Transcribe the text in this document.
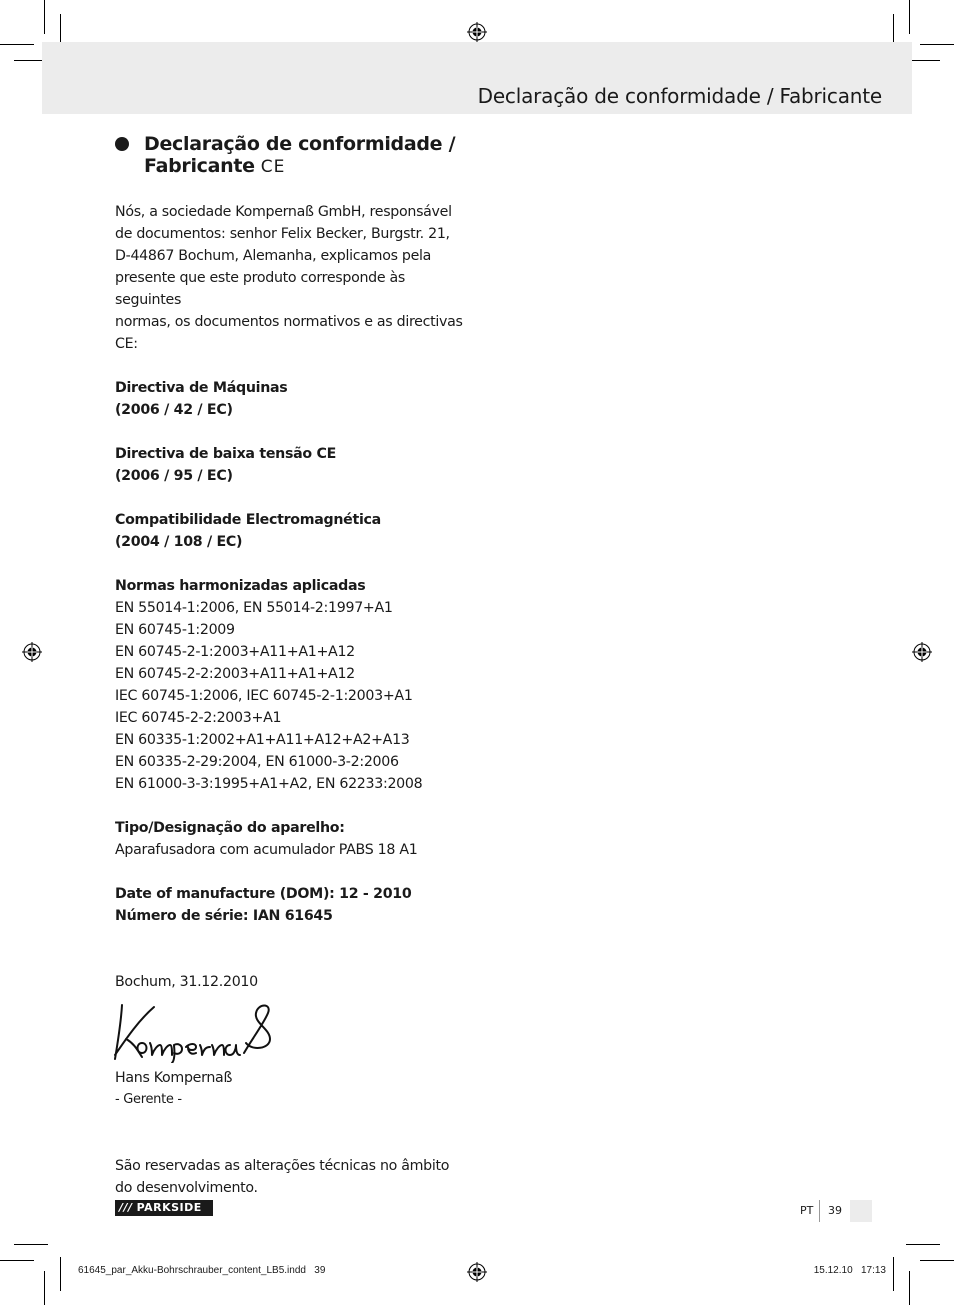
Declaração de conformidade / Fabricante
Declaração de conformidade /
Fabricante CE

Nós, a sociedade Kompernaß GmbH, responsável

de documentos: senhor Felix Becker, Burgstr. 21,

D-44867 Bochum, Alemanha, explicamos pela

presente que este produto corresponde às seguintes

normas, os documentos normativos e as directivas CE:

Directiva de Máquinas

(2006 / 42 / EC)

Directiva de baixa tensão CE

(2006 / 95 / EC)

Compatibilidade Electromagnética

(2004 / 108 / EC)

Normas harmonizadas aplicadas

EN 55014-1:2006, EN 55014-2:1997+A1

EN 60745-1:2009

EN 60745-2-1:2003+A11+A1+A12

EN 60745-2-2:2003+A11+A1+A12

IEC 60745-1:2006, IEC 60745-2-1:2003+A1

IEC 60745-2-2:2003+A1

EN 60335-1:2002+A1+A11+A12+A2+A13

EN 60335-2-29:2004, EN 61000-3-2:2006

EN 61000-3-3:1995+A1+A2, EN 62233:2008

Tipo/Designação do aparelho:

Aparafusadora com acumulador PABS 18 A1

Date of manufacture (DOM): 12 - 2010

Número de série: IAN 61645

Bochum, 31.12.2010

Hans Kompernaß

- Gerente -

São reservadas as alterações técnicas no âmbito

do desenvolvimento.

/// PARKSIDE	PT 39
61645_par_Akku-Bohrschrauber_content_LB5.indd   39	15.12.10   17:13
